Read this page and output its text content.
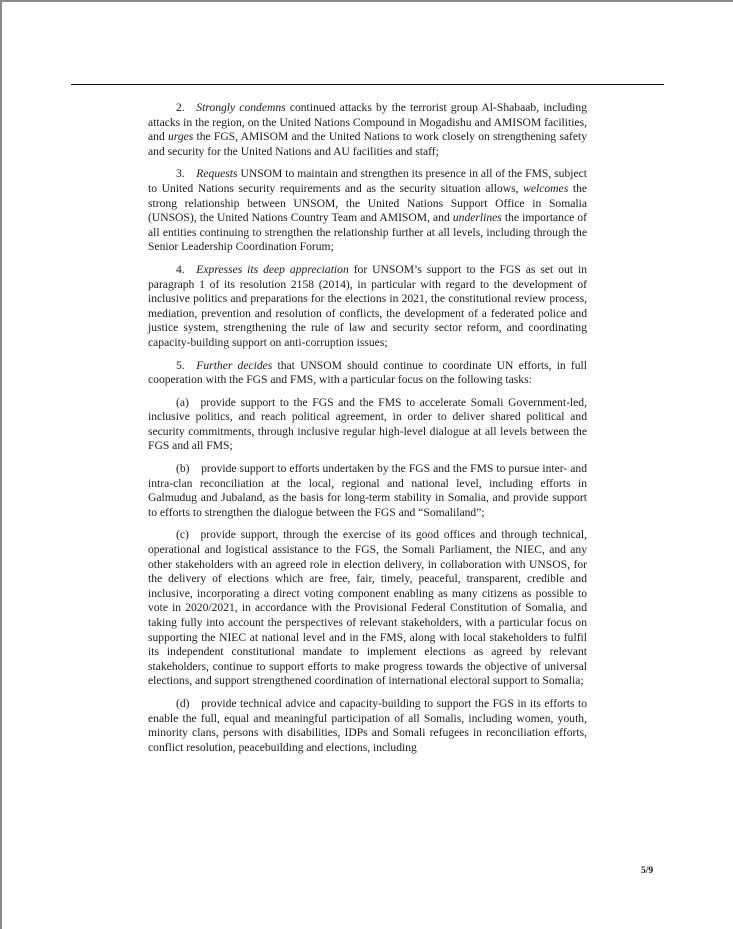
2. Strongly condemns continued attacks by the terrorist group Al-Shabaab, including attacks in the region, on the United Nations Compound in Mogadishu and AMISOM facilities, and urges the FGS, AMISOM and the United Nations to work closely on strengthening safety and security for the United Nations and AU facilities and staff;

3. Requests UNSOM to maintain and strengthen its presence in all of the FMS, subject to United Nations security requirements and as the security situation allows, welcomes the strong relationship between UNSOM, the United Nations Support Office in Somalia (UNSOS), the United Nations Country Team and AMISOM, and underlines the importance of all entities continuing to strengthen the relationship further at all levels, including through the Senior Leadership Coordination Forum;

4. Expresses its deep appreciation for UNSOM’s support to the FGS as set out in paragraph 1 of its resolution 2158 (2014), in particular with regard to the development of inclusive politics and preparations for the elections in 2021, the constitutional review process, mediation, prevention and resolution of conflicts, the development of a federated police and justice system, strengthening the rule of law and security sector reform, and coordinating capacity-building support on anti-corruption issues;

5. Further decides that UNSOM should continue to coordinate UN efforts, in full cooperation with the FGS and FMS, with a particular focus on the following tasks:

(a) provide support to the FGS and the FMS to accelerate Somali Government-led, inclusive politics, and reach political agreement, in order to deliver shared political and security commitments, through inclusive regular high-level dialogue at all levels between the FGS and all FMS;

(b) provide support to efforts undertaken by the FGS and the FMS to pursue inter- and intra-clan reconciliation at the local, regional and national level, including efforts in Galmudug and Jubaland, as the basis for long-term stability in Somalia, and provide support to efforts to strengthen the dialogue between the FGS and “Somaliland”;

(c) provide support, through the exercise of its good offices and through technical, operational and logistical assistance to the FGS, the Somali Parliament, the NIEC, and any other stakeholders with an agreed role in election delivery, in collaboration with UNSOS, for the delivery of elections which are free, fair, timely, peaceful, transparent, credible and inclusive, incorporating a direct voting component enabling as many citizens as possible to vote in 2020/2021, in accordance with the Provisional Federal Constitution of Somalia, and taking fully into account the perspectives of relevant stakeholders, with a particular focus on supporting the NIEC at national level and in the FMS, along with local stakeholders to fulfil its independent constitutional mandate to implement elections as agreed by relevant stakeholders, continue to support efforts to make progress towards the objective of universal elections, and support strengthened coordination of international electoral support to Somalia;

(d) provide technical advice and capacity-building to support the FGS in its efforts to enable the full, equal and meaningful participation of all Somalis, including women, youth, minority clans, persons with disabilities, IDPs and Somali refugees in reconciliation efforts, conflict resolution, peacebuilding and elections, including

5/9
